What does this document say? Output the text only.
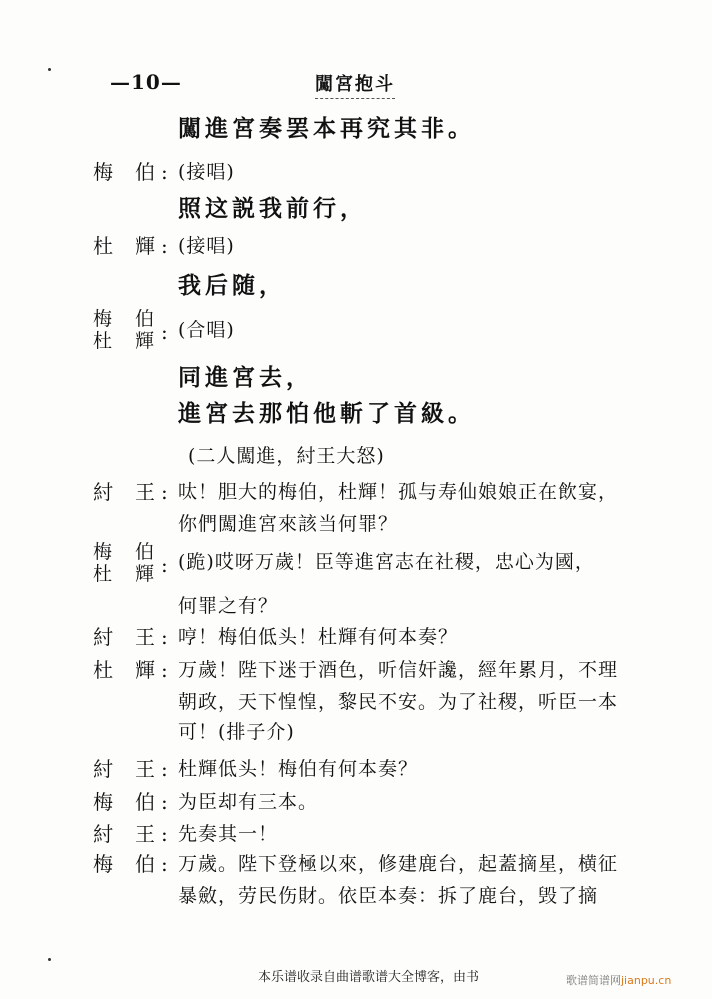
—10—	闖宮抱斗
闖進宮奏罢本再究其非。
梅 伯 : (接唱)
照这説我前行，
杜 輝 : (接唱)
我后随，
梅 伯
杜 輝 : (合唱)
同進宮去，
進宮去那怕他斬了首級。
(二人闖進，紂王大怒)
紂 王 : 呔！胆大的梅伯，杜輝！孤与寿仙娘娘正在飲宴，
你們闖進宮來該当何罪？
梅 伯
杜 輝 : (跪)哎呀万歲！臣等進宮志在社稷，忠心为國，
何罪之有？
紂 王 : 哼！梅伯低头！杜輝有何本奏？
杜 輝 : 万歲！陛下迷于酒色，听信奸讒，經年累月，不理
朝政，天下惶惶，黎民不安。为了社稷，听臣一本
可！(排子介)
紂 王 : 杜輝低头！梅伯有何本奏？
梅 伯 : 为臣却有三本。
紂 王 : 先奏其一！
梅 伯 : 万歲。陛下登極以來，修建鹿台，起蓋摘星，横征
暴斂，劳民伤財。依臣本奏：拆了鹿台，毁了摘
本乐谱收录自曲谱歌谱大全博客，由书	歌谱简谱网jianpu.cn
